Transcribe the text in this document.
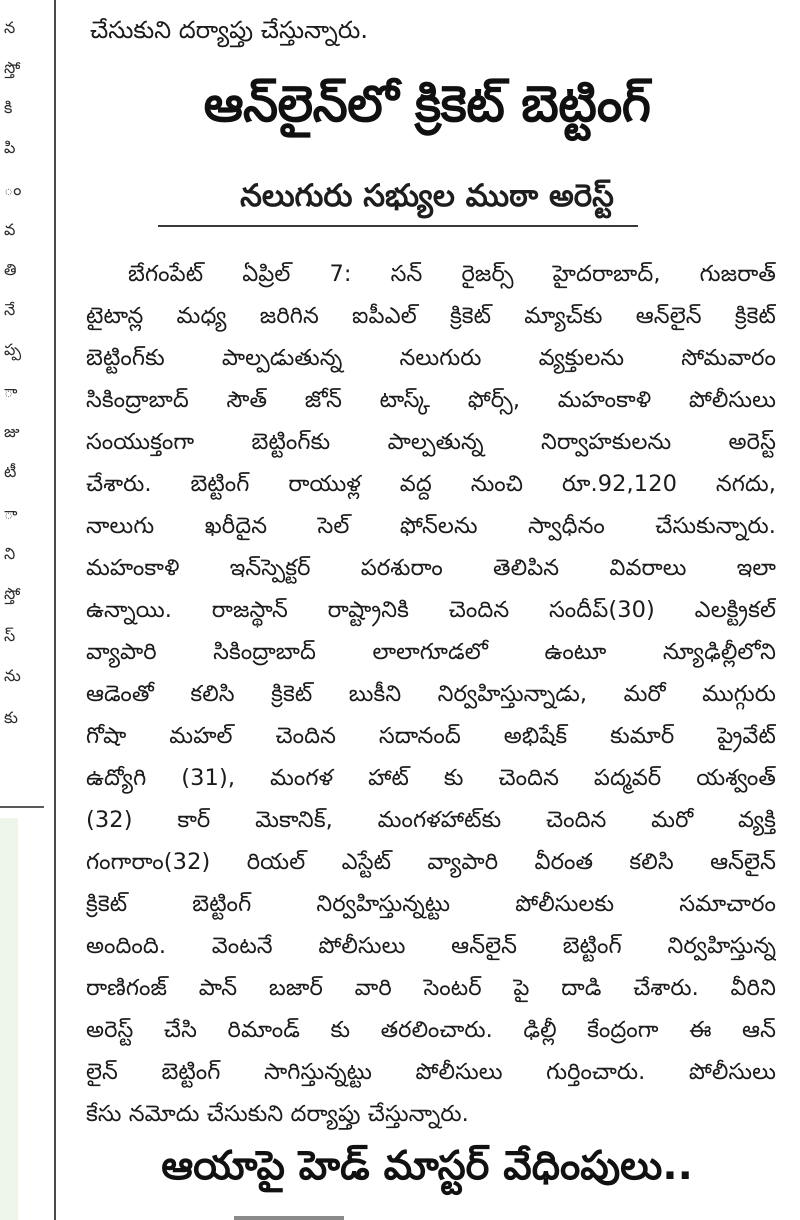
న
స్తో
కి
పి
ం
వ
తి
నే
ప్ప
ా
జు
టీ
ా
ని
స్తో
స్
ను
కు
చేసుకుని దర్యాప్తు చేస్తున్నారు.
ఆన్‌లైన్‌లో క్రికెట్ బెట్టింగ్
నలుగురు సభ్యుల ముఠా అరెస్ట్
బేగంపేట్ ఏప్రిల్ 7: సన్ రైజర్స్ హైదరాబాద్, గుజరాత్
టైటాన్ల మధ్య జరిగిన ఐపీఎల్ క్రికెట్ మ్యాచ్‌కు ఆన్‌లైన్ క్రికెట్
బెట్టింగ్‌కు పాల్పడుతున్న నలుగురు వ్యక్తులను సోమవారం
సికింద్రాబాద్ సౌత్ జోన్ టాస్క్ ఫోర్స్, మహంకాళి పోలీసులు
సంయుక్తంగా బెట్టింగ్‌కు పాల్పతున్న నిర్వాహకులను అరెస్ట్
చేశారు. బెట్టింగ్ రాయుళ్ల వద్ద నుంచి రూ.92,120 నగదు,
నాలుగు ఖరీదైన సెల్ ఫోన్‌లను స్వాధీనం చేసుకున్నారు.
మహంకాళి ఇన్‌స్పెక్టర్ పరశురాం తెలిపిన వివరాలు ఇలా
ఉన్నాయి. రాజస్థాన్ రాష్ట్రానికి చెందిన సందీప్(30) ఎలక్ట్రికల్
వ్యాపారి సికింద్రాబాద్ లాలాగూడలో ఉంటూ న్యూఢిల్లీలోని
ఆడెంతో కలిసి క్రికెట్ బుకీని నిర్వహిస్తున్నాడు, మరో ముగ్గురు
గోషా మహల్ చెందిన సదానంద్ అభిషేక్ కుమార్ ప్రైవేట్
ఉద్యోగి (31), మంగళ హాట్ కు చెందిన పద్మవర్ యశ్వంత్
(32) కార్ మెకానిక్, మంగళహాట్‌కు చెందిన మరో వ్యక్తి
గంగారాం(32) రియల్ ఎస్టేట్ వ్యాపారి వీరంత కలిసి ఆన్‌లైన్
క్రికెట్ బెట్టింగ్ నిర్వహిస్తున్నట్టు పోలీసులకు సమాచారం
అందింది. వెంటనే పోలీసులు ఆన్‌లైన్ బెట్టింగ్ నిర్వహిస్తున్న
రాణిగంజ్ పాన్ బజార్ వారి సెంటర్ పై దాడి చేశారు. వీరిని
అరెస్ట్ చేసి రిమాండ్ కు తరలించారు. ఢిల్లీ కేంద్రంగా ఈ ఆన్
లైన్ బెట్టింగ్ సాగిస్తున్నట్టు పోలీసులు గుర్తించారు. పోలీసులు
కేసు నమోదు చేసుకుని దర్యాప్తు చేస్తున్నారు.
ఆయాపై హెడ్ మాస్టర్ వేధింపులు..
